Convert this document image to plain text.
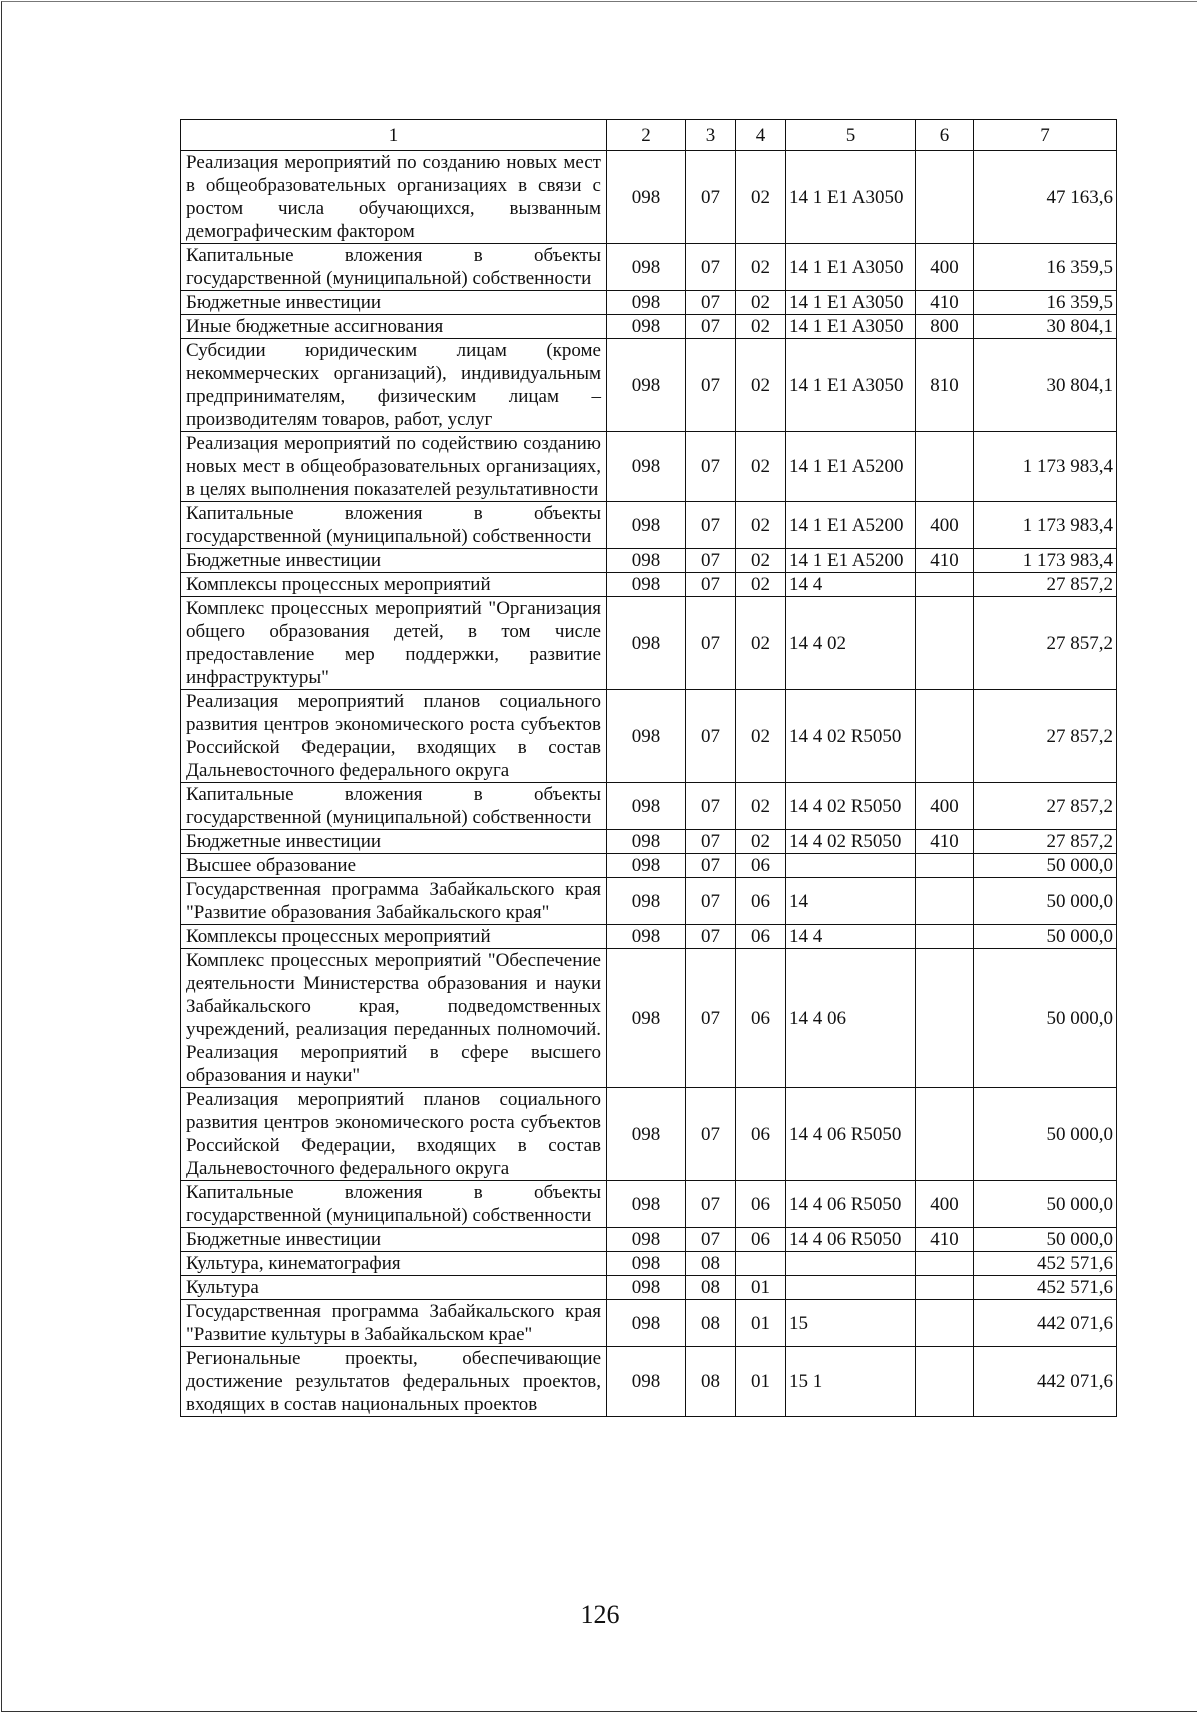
1	2	3	4	5	6	7
Реализация мероприятий по созданию новых мест в общеобразовательных организациях в связи с ростом числа обучающихся, вызванным демографическим фактором	098	07	02	14 1 E1 A3050		47 163,6
Капитальные вложения в объекты государственной (муниципальной) собственности	098	07	02	14 1 E1 A3050	400	16 359,5
Бюджетные инвестиции	098	07	02	14 1 E1 A3050	410	16 359,5
Иные бюджетные ассигнования	098	07	02	14 1 E1 A3050	800	30 804,1
Субсидии юридическим лицам (кроме некоммерческих организаций), индивидуальным предпринимателям, физическим лицам – производителям товаров, работ, услуг	098	07	02	14 1 E1 A3050	810	30 804,1
Реализация мероприятий по содействию созданию новых мест в общеобразовательных организациях, в целях выполнения показателей результативности	098	07	02	14 1 E1 A5200		1 173 983,4
Капитальные вложения в объекты государственной (муниципальной) собственности	098	07	02	14 1 E1 A5200	400	1 173 983,4
Бюджетные инвестиции	098	07	02	14 1 E1 A5200	410	1 173 983,4
Комплексы процессных мероприятий	098	07	02	14 4		27 857,2
Комплекс процессных мероприятий "Организация общего образования детей, в том числе предоставление мер поддержки, развитие инфраструктуры"	098	07	02	14 4 02		27 857,2
Реализация мероприятий планов социального развития центров экономического роста субъектов Российской Федерации, входящих в состав Дальневосточного федерального округа	098	07	02	14 4 02 R5050		27 857,2
Капитальные вложения в объекты государственной (муниципальной) собственности	098	07	02	14 4 02 R5050	400	27 857,2
Бюджетные инвестиции	098	07	02	14 4 02 R5050	410	27 857,2
Высшее образование	098	07	06			50 000,0
Государственная программа Забайкальского края "Развитие образования Забайкальского края"	098	07	06	14		50 000,0
Комплексы процессных мероприятий	098	07	06	14 4		50 000,0
Комплекс процессных мероприятий "Обеспечение деятельности Министерства образования и науки Забайкальского края, подведомственных учреждений, реализация переданных полномочий. Реализация мероприятий в сфере высшего образования и науки"	098	07	06	14 4 06		50 000,0
Реализация мероприятий планов социального развития центров экономического роста субъектов Российской Федерации, входящих в состав Дальневосточного федерального округа	098	07	06	14 4 06 R5050		50 000,0
Капитальные вложения в объекты государственной (муниципальной) собственности	098	07	06	14 4 06 R5050	400	50 000,0
Бюджетные инвестиции	098	07	06	14 4 06 R5050	410	50 000,0
Культура, кинематография	098	08				452 571,6
Культура	098	08	01			452 571,6
Государственная программа Забайкальского края "Развитие культуры в Забайкальском крае"	098	08	01	15		442 071,6
Региональные проекты, обеспечивающие достижение результатов федеральных проектов, входящих в состав национальных проектов	098	08	01	15 1		442 071,6
126
